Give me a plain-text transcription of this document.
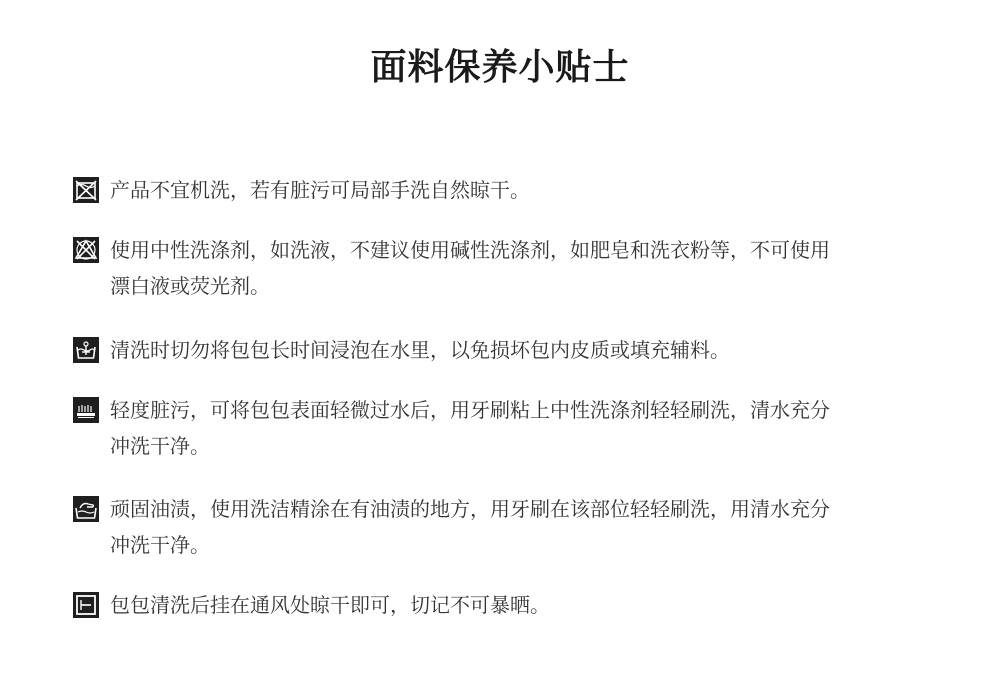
面料保养小贴士
产品不宜机洗，若有脏污可局部手洗自然晾干。
使用中性洗涤剂，如洗液，不建议使用碱性洗涤剂，如肥皂和洗衣粉等，不可使用
漂白液或荧光剂。
清洗时切勿将包包长时间浸泡在水里，以免损坏包内皮质或填充辅料。
轻度脏污，可将包包表面轻微过水后，用牙刷粘上中性洗涤剂轻轻刷洗，清水充分
冲洗干净。
顽固油渍，使用洗洁精涂在有油渍的地方，用牙刷在该部位轻轻刷洗，用清水充分
冲洗干净。
包包清洗后挂在通风处晾干即可，切记不可暴晒。
